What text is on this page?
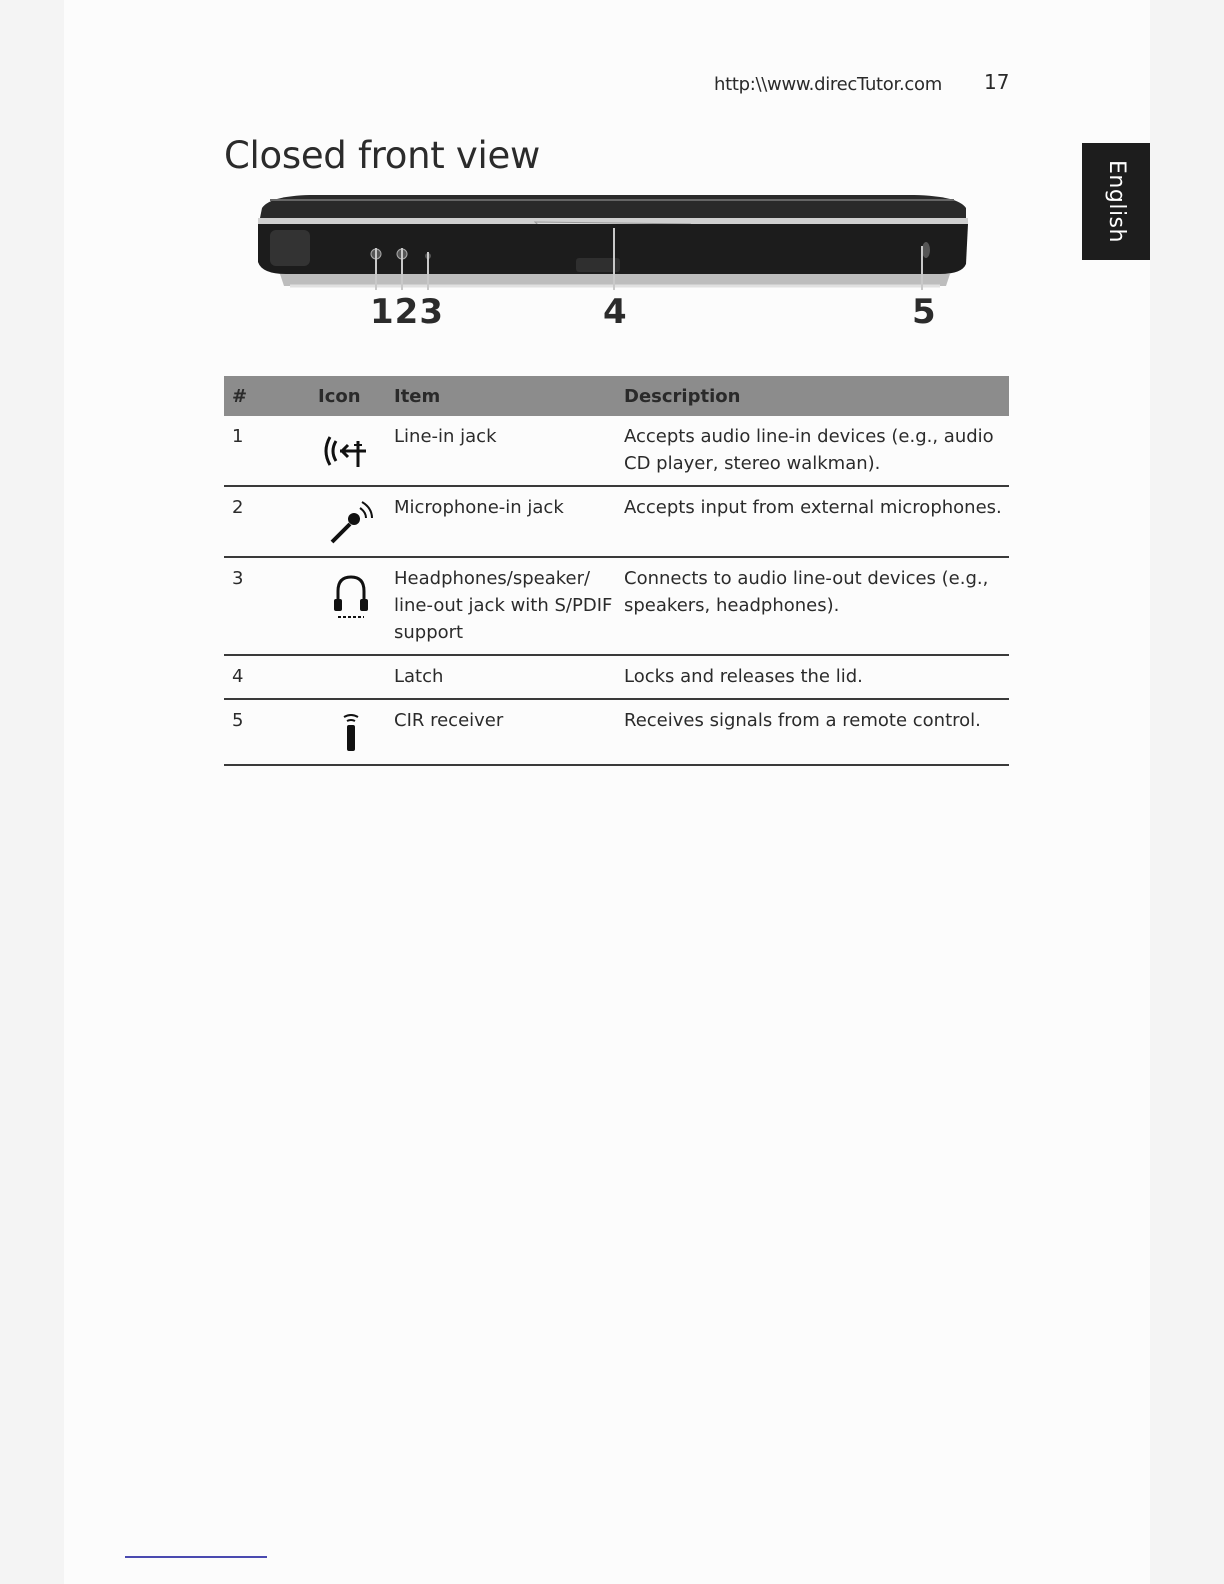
http:\\www.direcTutor.com 17
English
Closed front view
123	4	5
#	Icon	Item	Description
1		Line-in jack	Accepts audio line-in devices (e.g., audio CD player, stereo walkman).
2		Microphone-in jack	Accepts input from external microphones.
3		Headphones/speaker/ line-out jack with S/PDIF support	Connects to audio line-out devices (e.g., speakers, headphones).
4		Latch	Locks and releases the lid.
5		CIR receiver	Receives signals from a remote control.
